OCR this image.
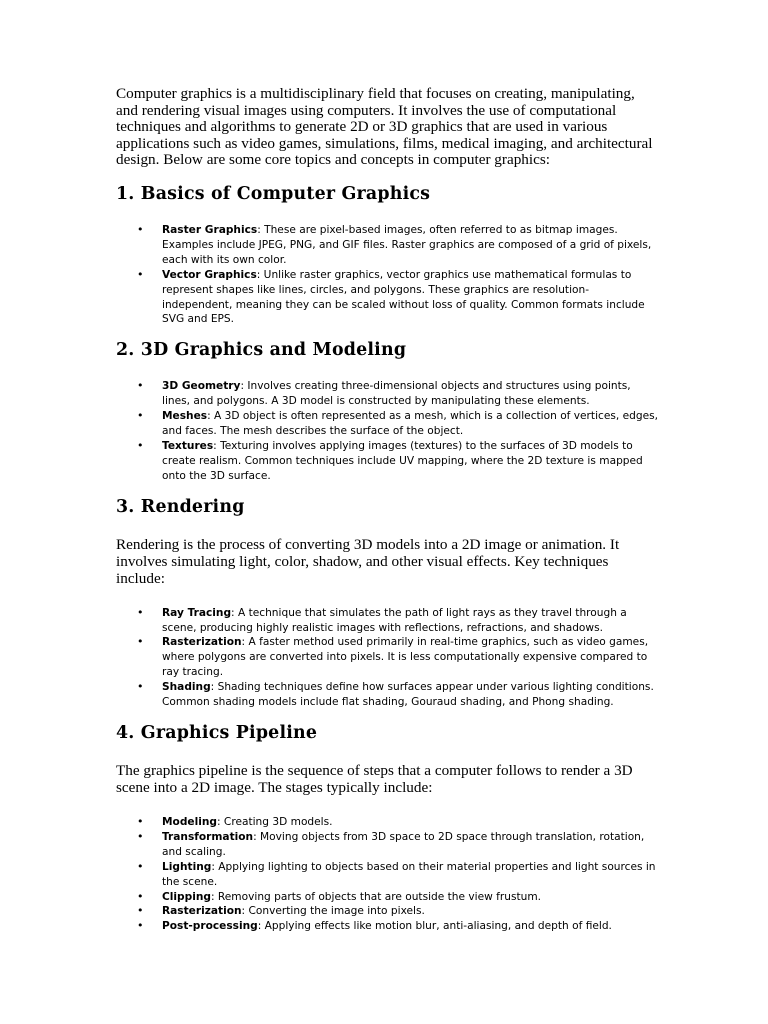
Computer graphics is a multidisciplinary field that focuses on creating, manipulating, and rendering visual images using computers. It involves the use of computational techniques and algorithms to generate 2D or 3D graphics that are used in various applications such as video games, simulations, films, medical imaging, and architectural design. Below are some core topics and concepts in computer graphics:

1. Basics of Computer Graphics
• Raster Graphics: These are pixel-based images, often referred to as bitmap images. Examples include JPEG, PNG, and GIF files. Raster graphics are composed of a grid of pixels, each with its own color.
• Vector Graphics: Unlike raster graphics, vector graphics use mathematical formulas to represent shapes like lines, circles, and polygons. These graphics are resolution-independent, meaning they can be scaled without loss of quality. Common formats include SVG and EPS.
2. 3D Graphics and Modeling
• 3D Geometry: Involves creating three-dimensional objects and structures using points, lines, and polygons. A 3D model is constructed by manipulating these elements.
• Meshes: A 3D object is often represented as a mesh, which is a collection of vertices, edges, and faces. The mesh describes the surface of the object.
• Textures: Texturing involves applying images (textures) to the surfaces of 3D models to create realism. Common techniques include UV mapping, where the 2D texture is mapped onto the 3D surface.
3. Rendering

Rendering is the process of converting 3D models into a 2D image or animation. It involves simulating light, color, shadow, and other visual effects. Key techniques include:

• Ray Tracing: A technique that simulates the path of light rays as they travel through a scene, producing highly realistic images with reflections, refractions, and shadows.
• Rasterization: A faster method used primarily in real-time graphics, such as video games, where polygons are converted into pixels. It is less computationally expensive compared to ray tracing.
• Shading: Shading techniques define how surfaces appear under various lighting conditions. Common shading models include flat shading, Gouraud shading, and Phong shading.
4. Graphics Pipeline

The graphics pipeline is the sequence of steps that a computer follows to render a 3D scene into a 2D image. The stages typically include:

• Modeling: Creating 3D models.
• Transformation: Moving objects from 3D space to 2D space through translation, rotation, and scaling.
• Lighting: Applying lighting to objects based on their material properties and light sources in the scene.
• Clipping: Removing parts of objects that are outside the view frustum.
• Rasterization: Converting the image into pixels.
• Post-processing: Applying effects like motion blur, anti-aliasing, and depth of field.
